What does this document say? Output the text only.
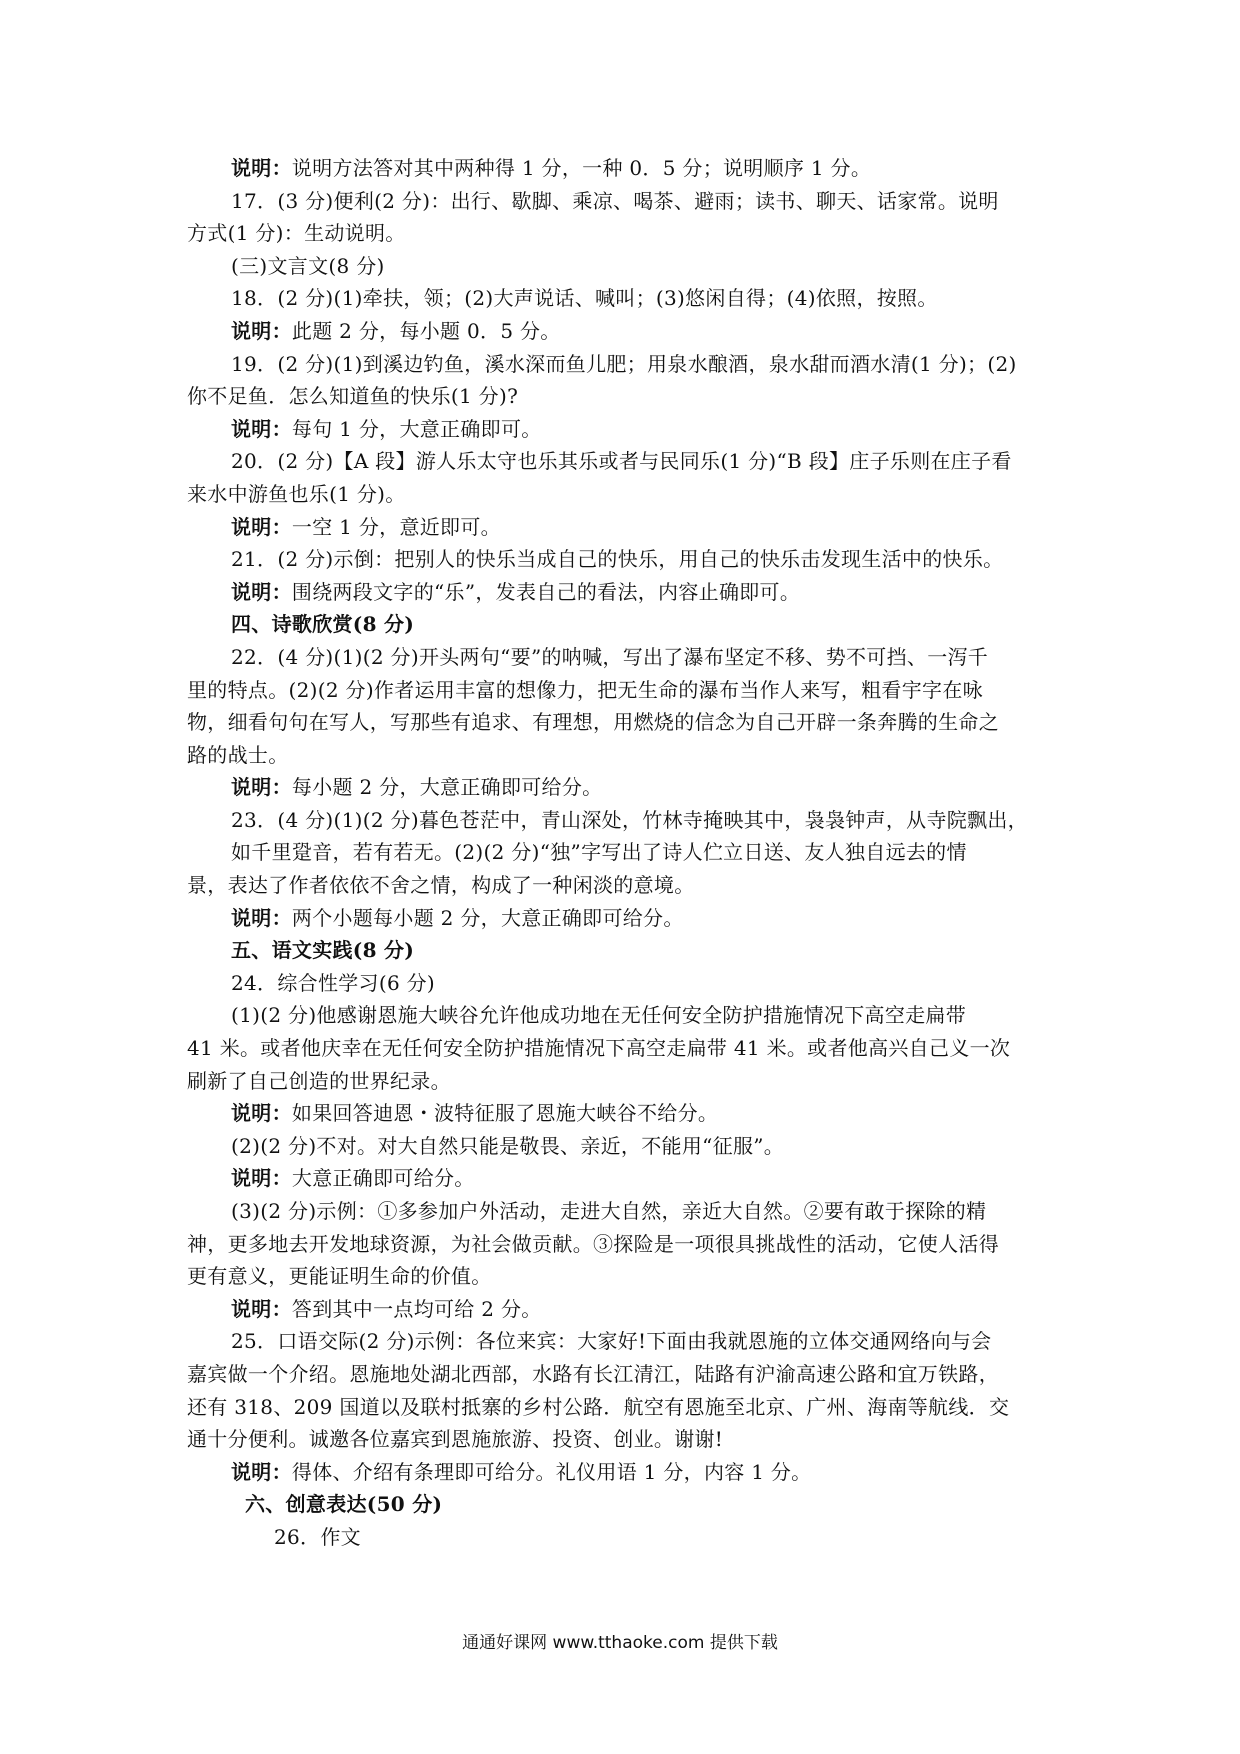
说明：说明方法答对其中两种得 1 分，一种 0．5 分；说明顺序 1 分。
17．(3 分)便利(2 分)：出行、歇脚、乘凉、喝茶、避雨；读书、聊天、话家常。说明
方式(1 分)：生动说明。
(三)文言文(8 分)
18．(2 分)(1)牵扶，领；(2)大声说话、喊叫；(3)悠闲自得；(4)依照，按照。
说明：此题 2 分，每小题 0．5 分。
19．(2 分)(1)到溪边钓鱼，溪水深而鱼儿肥；用泉水酿酒，泉水甜而酒水清(1 分)；(2)
你不足鱼．怎么知道鱼的快乐(1 分)?
说明：每句 1 分，大意正确即可。
20．(2 分)【A 段】游人乐太守也乐其乐或者与民同乐(1 分)“B 段】庄子乐则在庄子看
来水中游鱼也乐(1 分)。
说明：一空 1 分，意近即可。
21．(2 分)示倒：把别人的快乐当成自己的快乐，用自己的快乐击发现生活中的快乐。
说明：围绕两段文字的“乐”，发表自己的看法，内容止确即可。
四、诗歌欣赏(8 分)
22．(4 分)(1)(2 分)开头两句“要”的呐喊，写出了瀑布坚定不移、势不可挡、一泻千
里的特点。(2)(2 分)作者运用丰富的想像力，把无生命的瀑布当作人来写，粗看宇字在咏
物，细看句句在写人，写那些有追求、有理想，用燃烧的信念为自己开辟一条奔腾的生命之
路的战士。
说明：每小题 2 分，大意正确即可给分。
23．(4 分)(1)(2 分)暮色苍茫中，青山深处，竹林寺掩映其中，袅袅钟声，从寺院飘出，
如千里跫音，若有若无。(2)(2 分)“独”字写出了诗人伫立日送、友人独自远去的情
景，表达了作者依依不舍之情，构成了一种闲淡的意境。
说明：两个小题每小题 2 分，大意正确即可给分。
五、语文实践(8 分)
24．综合性学习(6 分)
(1)(2 分)他感谢恩施大峡谷允许他成功地在无任何安全防护措施情况下高空走扁带
41 米。或者他庆幸在无任何安全防护措施情况下高空走扁带 41 米。或者他高兴自己义一次
刷新了自己创造的世界纪录。
说明：如果回答迪恩・波特征服了恩施大峡谷不给分。
(2)(2 分)不对。对大自然只能是敬畏、亲近，不能用“征服”。
说明：大意正确即可给分。
(3)(2 分)示例：①多参加户外活动，走进大自然，亲近大自然。②要有敢于探除的精
神，更多地去开发地球资源，为社会做贡献。③探险是一项很具挑战性的活动，它使人活得
更有意义，更能证明生命的价值。
说明：答到其中一点均可给 2 分。
25．口语交际(2 分)示例：各位来宾：大家好!下面由我就恩施的立体交通网络向与会
嘉宾做一个介绍。恩施地处湖北西部，水路有长江清江，陆路有沪渝高速公路和宜万铁路，
还有 318、209 国道以及联村抵寨的乡村公路．航空有恩施至北京、广州、海南等航线．交
通十分便利。诚邀各位嘉宾到恩施旅游、投资、创业。谢谢!
说明：得体、介绍有条理即可给分。礼仪用语 1 分，内容 1 分。
六、创意表达(50 分)
26．作文
通通好课网 www.tthaoke.com 提供下载
